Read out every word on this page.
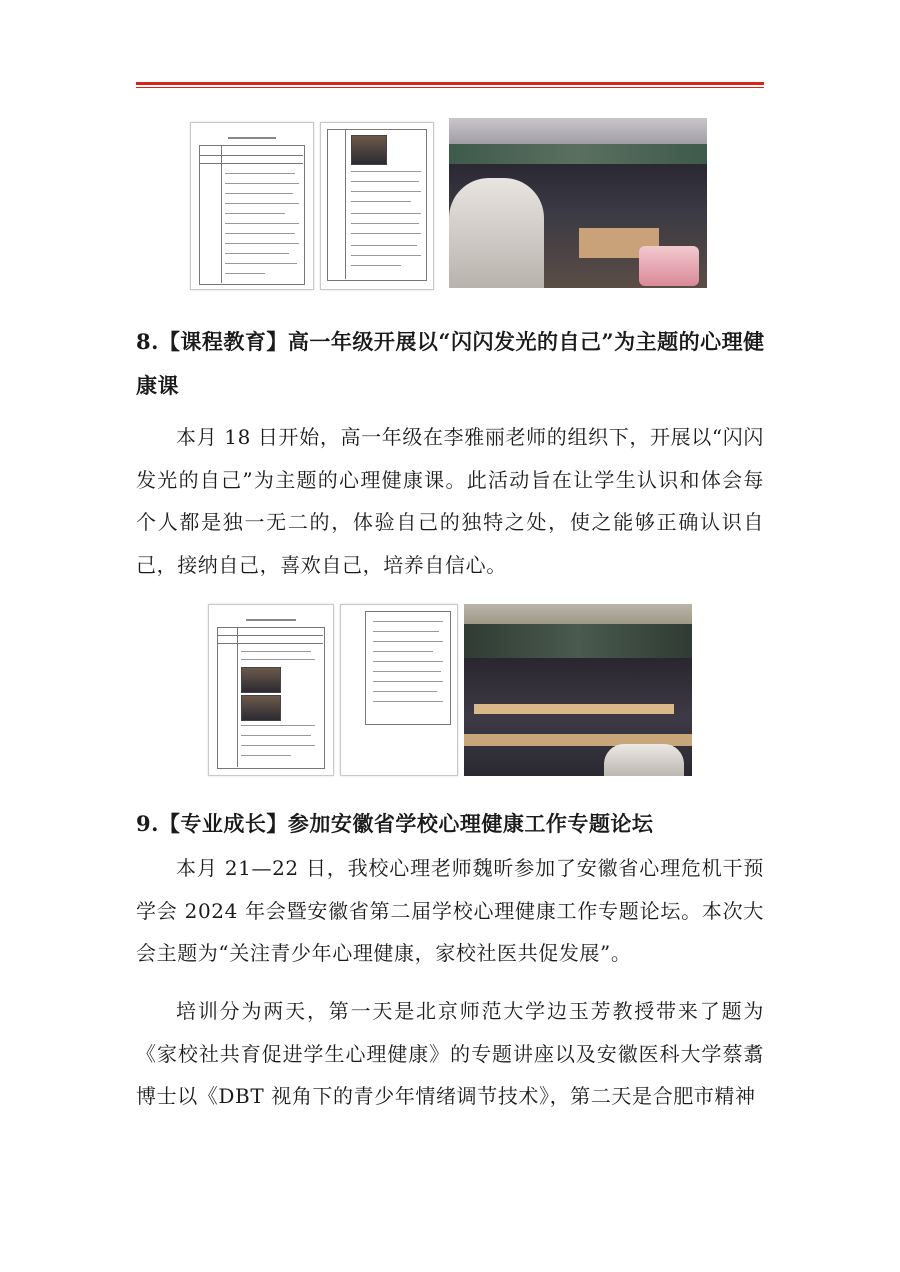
8.【课程教育】高一年级开展以“闪闪发光的自己”为主题的心理健康课

本月 18 日开始，高一年级在李雅丽老师的组织下，开展以“闪闪发光的自己”为主题的心理健康课。此活动旨在让学生认识和体会每个人都是独一无二的，体验自己的独特之处，使之能够正确认识自己，接纳自己，喜欢自己，培养自信心。

9.【专业成长】参加安徽省学校心理健康工作专题论坛

本月 21—22 日，我校心理老师魏昕参加了安徽省心理危机干预学会 2024 年会暨安徽省第二届学校心理健康工作专题论坛。本次大会主题为“关注青少年心理健康，家校社医共促发展”。

培训分为两天，第一天是北京师范大学边玉芳教授带来了题为《家校社共育促进学生心理健康》的专题讲座以及安徽医科大学蔡翥博士以《DBT 视角下的青少年情绪调节技术》，第二天是合肥市精神
